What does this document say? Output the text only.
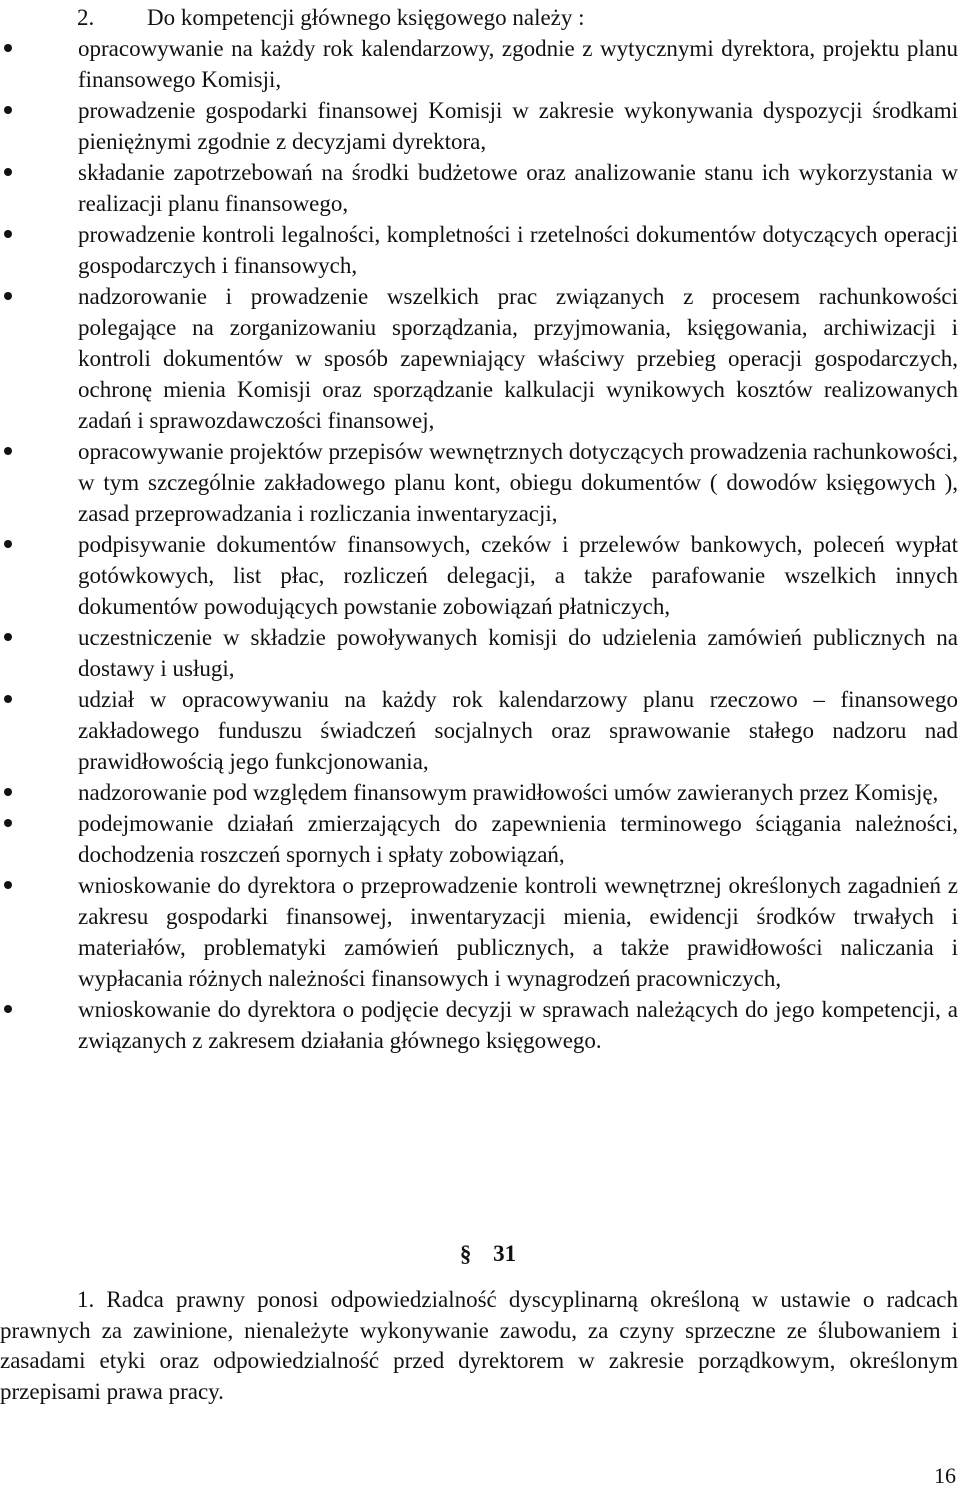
2. Do kompetencji głównego księgowego należy :
opracowywanie na każdy rok kalendarzowy, zgodnie z wytycznymi dyrektora, projektu planu finansowego Komisji,
prowadzenie gospodarki finansowej Komisji w zakresie wykonywania dyspozycji środkami pieniężnymi zgodnie z decyzjami dyrektora,
składanie zapotrzebowań na środki budżetowe oraz analizowanie stanu ich wykorzystania w realizacji planu finansowego,
prowadzenie kontroli legalności, kompletności i rzetelności dokumentów dotyczących operacji gospodarczych i finansowych,
nadzorowanie i prowadzenie wszelkich prac związanych z procesem rachunkowości polegające na zorganizowaniu sporządzania, przyjmowania, księgowania, archiwizacji i kontroli dokumentów w sposób zapewniający właściwy przebieg operacji gospodarczych, ochronę mienia Komisji oraz sporządzanie kalkulacji wynikowych kosztów realizowanych zadań i sprawozdawczości finansowej,
opracowywanie projektów przepisów wewnętrznych dotyczących prowadzenia rachunkowości, w tym szczególnie zakładowego planu kont, obiegu dokumentów ( dowodów księgowych ), zasad przeprowadzania i rozliczania inwentaryzacji,
podpisywanie dokumentów finansowych, czeków i przelewów bankowych, poleceń wypłat gotówkowych, list płac, rozliczeń delegacji, a także parafowanie wszelkich innych dokumentów powodujących powstanie zobowiązań płatniczych,
uczestniczenie w składzie powoływanych komisji do udzielenia zamówień publicznych na dostawy i usługi,
udział w opracowywaniu na każdy rok kalendarzowy planu rzeczowo – finansowego zakładowego funduszu świadczeń socjalnych oraz sprawowanie stałego nadzoru nad prawidłowością jego funkcjonowania,
nadzorowanie pod względem finansowym prawidłowości umów zawieranych przez Komisję,
podejmowanie działań zmierzających do zapewnienia terminowego ściągania należności, dochodzenia roszczeń spornych i spłaty zobowiązań,
wnioskowanie do dyrektora o przeprowadzenie kontroli wewnętrznej określonych zagadnień z zakresu gospodarki finansowej, inwentaryzacji mienia, ewidencji środków trwałych i materiałów, problematyki zamówień publicznych, a także prawidłowości naliczania i wypłacania różnych należności finansowych i wynagrodzeń pracowniczych,
wnioskowanie do dyrektora o podjęcie decyzji w sprawach należących do jego kompetencji, a związanych z zakresem działania głównego księgowego.
§ 31
1. Radca prawny ponosi odpowiedzialność dyscyplinarną określoną w ustawie o radcach prawnych za zawinione, nienależyte wykonywanie zawodu, za czyny sprzeczne ze ślubowaniem i zasadami etyki oraz odpowiedzialność przed dyrektorem w zakresie porządkowym, określonym przepisami prawa pracy.
16
